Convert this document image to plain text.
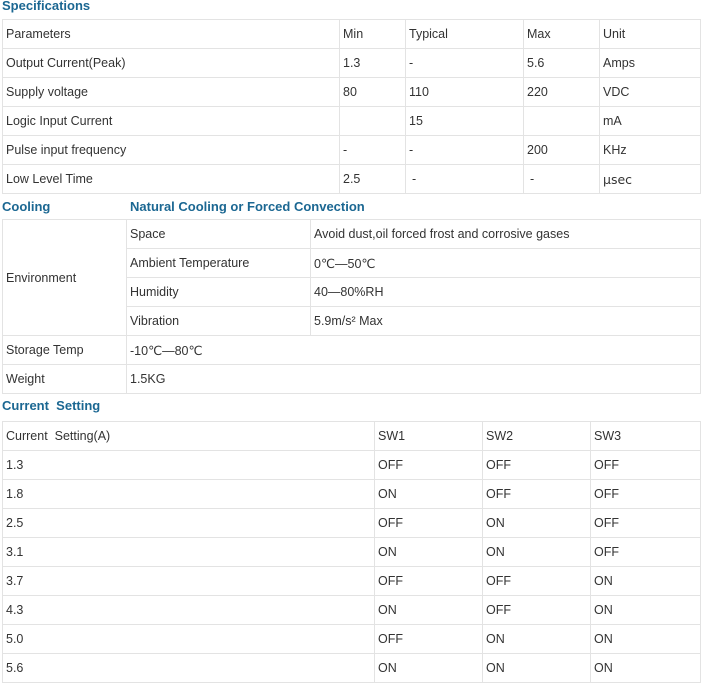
Specifications
Parameters	Min	Typical	Max	Unit
Output Current(Peak)	1.3	-	5.6	Amps
Supply voltage	80	110	220	VDC
Logic Input Current		15		mA
Pulse input frequency	-	-	200	KHz
Low Level Time	2.5	-	-	μsec
Cooling	Natural Cooling or Forced Convection
Environment	Space	Avoid dust,oil forced frost and corrosive gases
	Ambient Temperature	0℃—50℃
	Humidity	40—80%RH
	Vibration	5.9m/s² Max
Storage Temp	-10℃—80℃	
Weight	1.5KG	
Current  Setting
Current  Setting(A)	SW1	SW2	SW3
1.3	OFF	OFF	OFF
1.8	ON	OFF	OFF
2.5	OFF	ON	OFF
3.1	ON	ON	OFF
3.7	OFF	OFF	ON
4.3	ON	OFF	ON
5.0	OFF	ON	ON
5.6	ON	ON	ON
